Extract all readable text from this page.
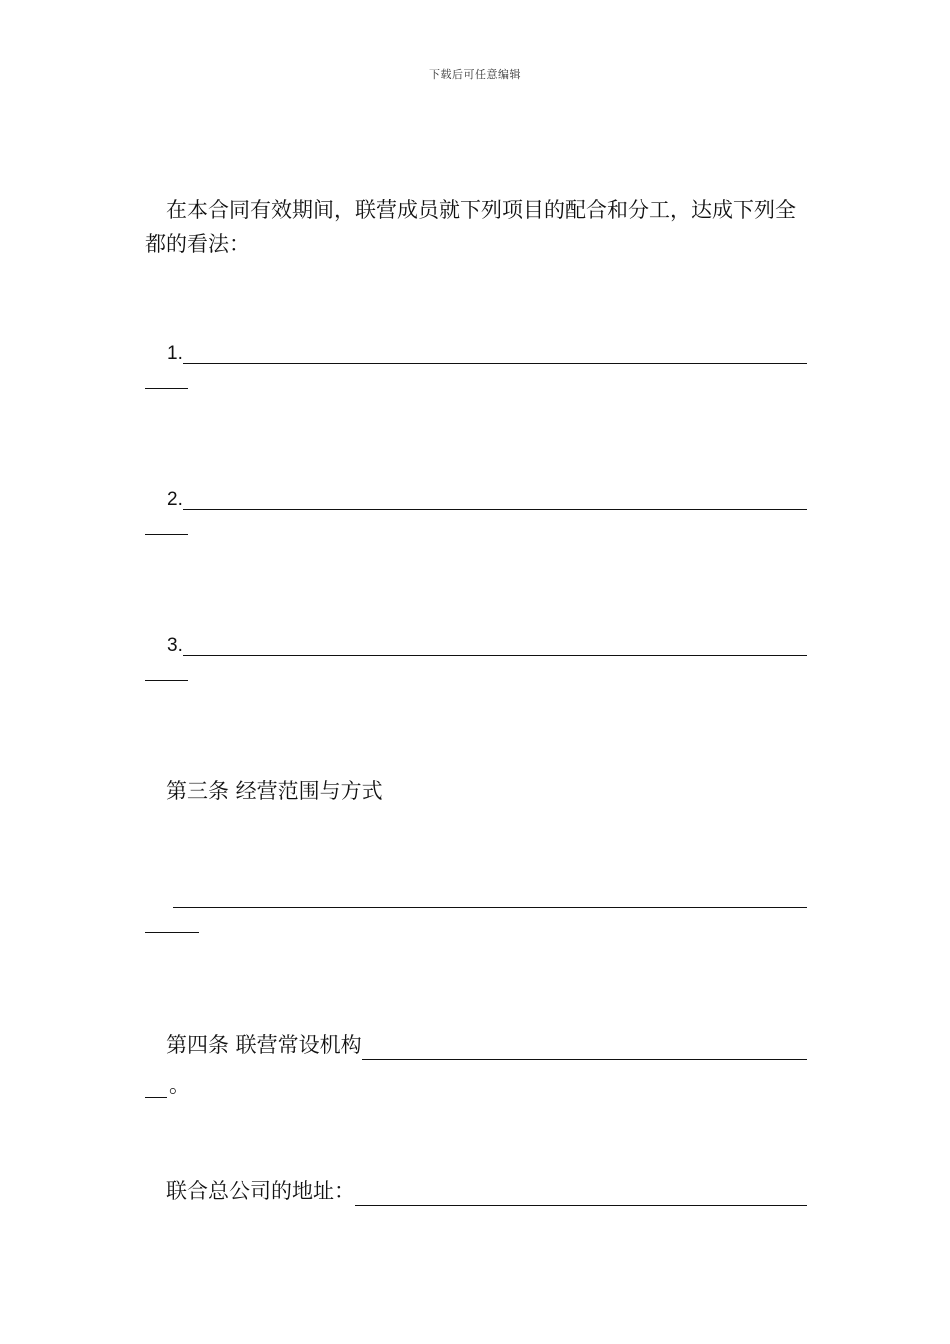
下载后可任意编辑
在本合同有效期间，联营成员就下列项目的配合和分工，达成下列全都的看法：
1.
2.
3.
第三条 经营范围与方式
第四条 联营常设机构
。
联合总公司的地址：
